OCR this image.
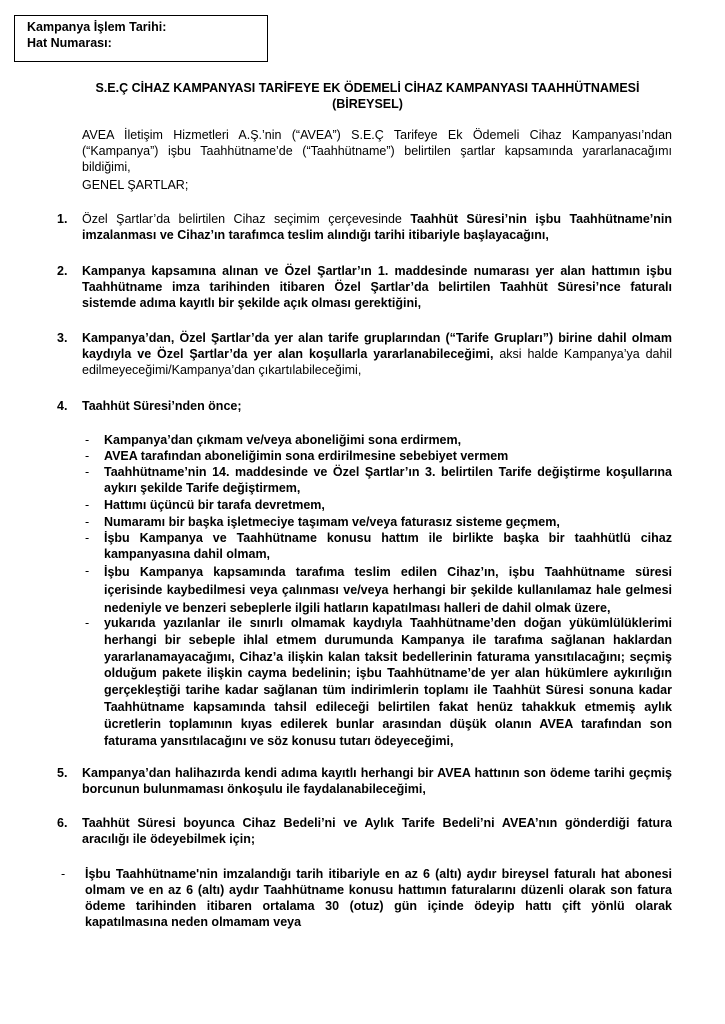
Kampanya İşlem Tarihi:
Hat Numarası:
S.E.Ç CİHAZ KAMPANYASI TARİFEYE EK ÖDEMELİ CİHAZ KAMPANYASI TAAHHÜTNAMESİ
(BİREYSEL)
AVEA İletişim Hizmetleri A.Ş.’nin (“AVEA”) S.E.Ç Tarifeye Ek Ödemeli Cihaz Kampanyası’ndan (“Kampanya”) işbu Taahhütname’de (“Taahhütname”) belirtilen şartlar kapsamında yararlanacağımı bildiğimi,
GENEL ŞARTLAR;
1. Özel Şartlar’da belirtilen Cihaz seçimim çerçevesinde Taahhüt Süresi’nin işbu Taahhütname’nin imzalanması ve Cihaz’ın tarafımca teslim alındığı tarihi itibariyle başlayacağını,
2. Kampanya kapsamına alınan ve Özel Şartlar’ın 1. maddesinde numarası yer alan hattımın işbu Taahhütname imza tarihinden itibaren Özel Şartlar’da belirtilen Taahhüt Süresi’nce faturalı sistemde adıma kayıtlı bir şekilde açık olması gerektiğini,
3. Kampanya’dan, Özel Şartlar’da yer alan tarife gruplarından (“Tarife Grupları”) birine dahil olmam kaydıyla ve Özel Şartlar’da yer alan koşullarla yararlanabileceğimi, aksi halde Kampanya’ya dahil edilmeyeceğimi/Kampanya’dan çıkartılabileceğimi,
4. Taahhüt Süresi’nden önce;
- Kampanya’dan çıkmam ve/veya aboneliğimi sona erdirmem,
- AVEA tarafından aboneliğimin sona erdirilmesine sebebiyet vermem
- Taahhütname’nin 14. maddesinde ve Özel Şartlar’ın 3. belirtilen Tarife değiştirme koşullarına aykırı şekilde Tarife değiştirmem,
- Hattımı üçüncü bir tarafa devretmem,
- Numaramı bir başka işletmeciye taşımam ve/veya faturasız sisteme geçmem,
- İşbu Kampanya ve Taahhütname konusu hattım ile birlikte başka bir taahhütlü cihaz kampanyasına dahil olmam,
- İşbu Kampanya kapsamında tarafıma teslim edilen Cihaz’ın, işbu Taahhütname süresi içerisinde kaybedilmesi veya çalınması ve/veya herhangi bir şekilde kullanılamaz hale gelmesi nedeniyle ve benzeri sebeplerle ilgili hatların kapatılması halleri de dahil olmak üzere,
- yukarıda yazılanlar ile sınırlı olmamak kaydıyla Taahhütname’den doğan yükümlülüklerimi herhangi bir sebeple ihlal etmem durumunda Kampanya ile tarafıma sağlanan haklardan yararlanamayacağımı, Cihaz’a ilişkin kalan taksit bedellerinin faturama yansıtılacağını; seçmiş olduğum pakete ilişkin cayma bedelinin; işbu Taahhütname’de yer alan hükümlere aykırılığın gerçekleştiği tarihe kadar sağlanan tüm indirimlerin toplamı ile Taahhüt Süresi sonuna kadar Taahhütname kapsamında tahsil edileceği belirtilen fakat henüz tahakkuk etmemiş aylık ücretlerin toplamının kıyas edilerek bunlar arasından düşük olanın AVEA tarafından son faturama yansıtılacağını ve söz konusu tutarı ödeyeceğimi,
5. Kampanya’dan halihazırda kendi adıma kayıtlı herhangi bir AVEA hattının son ödeme tarihi geçmiş borcunun bulunmaması önkoşulu ile faydalanabileceğimi,
6. Taahhüt Süresi boyunca Cihaz Bedeli’ni ve Aylık Tarife Bedeli’ni AVEA’nın gönderdiği fatura aracılığı ile ödeyebilmek için;
- İşbu Taahhütname'nin imzalandığı tarih itibariyle en az 6 (altı) aydır bireysel faturalı hat abonesi olmam ve en az 6 (altı) aydır Taahhütname konusu hattımın faturalarını düzenli olarak son fatura ödeme tarihinden itibaren ortalama 30 (otuz) gün içinde ödeyip hattı çift yönlü olarak kapatılmasına neden olmamam veya
